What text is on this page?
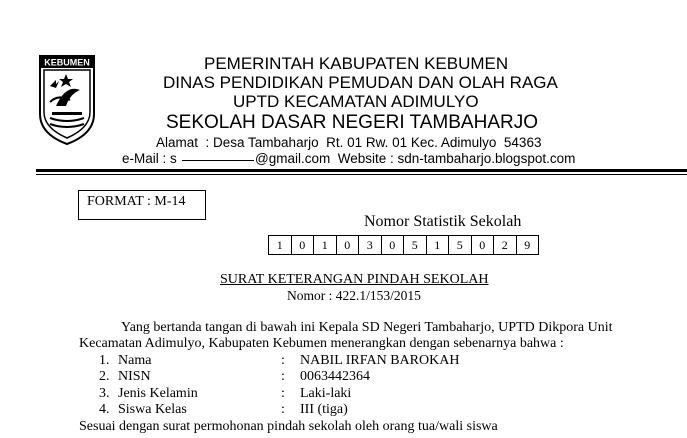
KEBUMEN	PEMERINTAH KABUPATEN KEBUMEN
DINAS PENDIDIKAN PEMUDAN DAN OLAH RAGA
UPTD KECAMATAN ADIMULYO
SEKOLAH DASAR NEGERI TAMBAHARJO
Alamat  : Desa Tambaharjo  Rt. 01 Rw. 01 Kec. Adimulyo  54363
e-Mail : s	@gmail.com  Website : sdn-tambaharjo.blogspot.com
FORMAT : M-14
Nomor Statistik Sekolah
1	0	1	0	3	0	5	1	5	0	2	9
SURAT KETERANGAN PINDAH SEKOLAH
Nomor : 422.1/153/2015
Yang bertanda tangan di bawah ini Kepala SD Negeri Tambaharjo, UPTD Dikpora Unit
Kecamatan Adimulyo, Kabupaten Kebumen menerangkan dengan sebenarnya bahwa :
1. Nama	: NABIL IRFAN BAROKAH
2. NISN	: 0063442364
3. Jenis Kelamin	: Laki-laki
4. Siswa Kelas	: III (tiga)
Sesuai dengan surat permohonan pindah sekolah oleh orang tua/wali siswa
